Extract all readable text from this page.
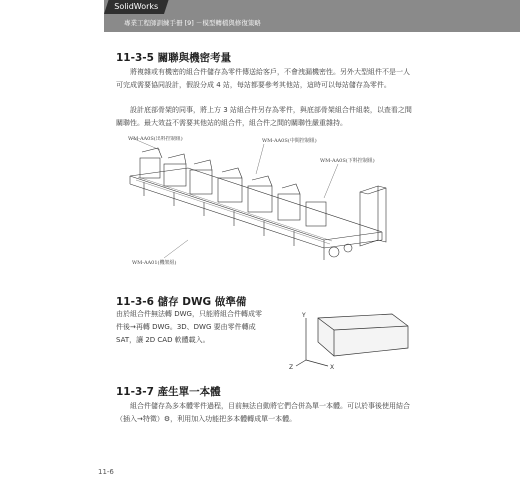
SolidWorks
專業工程師訓練手冊 [9] －模型轉檔與修復策略
11-3-5 關聯與機密考量
將複雜或有機密的組合件儲存為零件傳送給客戶，不會洩漏機密性。另外大型組件不是一人可完成需要協同設計，假設分成 4 站，每站都要參考其他站，這時可以每站儲存為零件。
設計底部骨架的同事，將上方 3 站組合件另存為零件，與底部骨架組合件組裝，以查看之間關聯性。最大效益不需要其他站的組合件，組合件之間的關聯性嚴重雜持。
WM-AA0S(出料控制組)	WM-AA0S(中間控制組)
WM-AA0S(下料控制組)
WM-AA01(機架組)
11-3-6 儲存 DWG 做準備
由於組合件無法轉 DWG，只能將組合件轉成零件後→再轉 DWG。3D、DWG 要由零件轉成 SAT，讓 2D CAD 軟體載入。
Y
X
Z
11-3-7 產生單一本體
組合件儲存為多本體零件過程，目前無法自動將它們合併為單一本體。可以於事後使用結合（插入→特徵）⚙，利用加入功能把多本體轉成單一本體。
11-6
